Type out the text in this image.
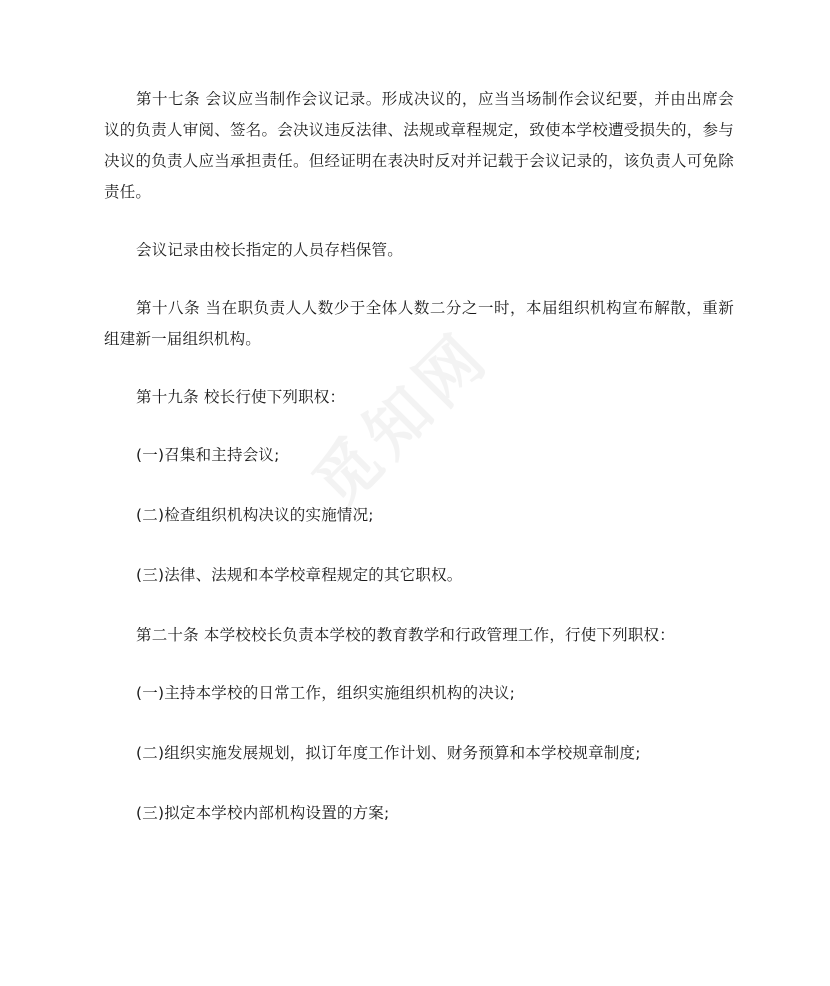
觅知网

第十七条 会议应当制作会议记录。形成决议的，应当当场制作会议纪要，并由出席会议的负责人审阅、签名。会决议违反法律、法规或章程规定，致使本学校遭受损失的，参与决议的负责人应当承担责任。但经证明在表决时反对并记载于会议记录的，该负责人可免除责任。

会议记录由校长指定的人员存档保管。

第十八条 当在职负责人人数少于全体人数二分之一时，本届组织机构宣布解散，重新组建新一届组织机构。

第十九条 校长行使下列职权：

(一)召集和主持会议;

(二)检查组织机构决议的实施情况;

(三)法律、法规和本学校章程规定的其它职权。

第二十条 本学校校长负责本学校的教育教学和行政管理工作，行使下列职权：

(一)主持本学校的日常工作，组织实施组织机构的决议;

(二)组织实施发展规划，拟订年度工作计划、财务预算和本学校规章制度;

(三)拟定本学校内部机构设置的方案;
